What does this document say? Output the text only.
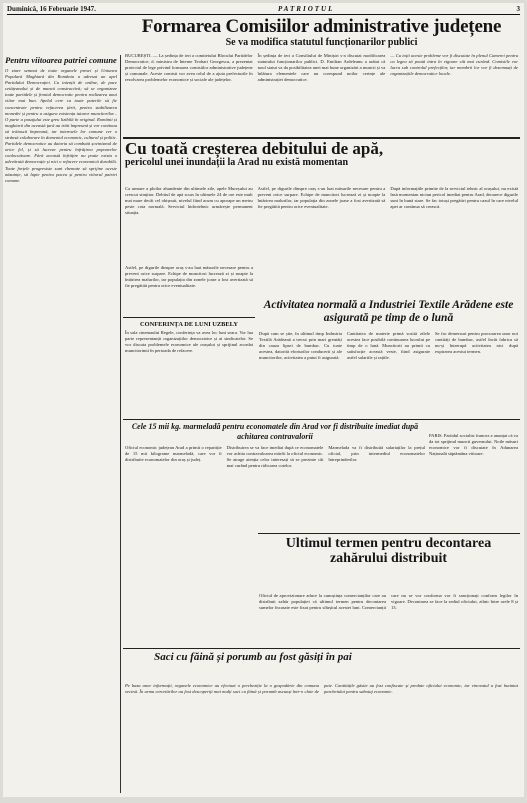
Duminică, 16 Februarie 1947.	PATRIOTUL	3

Pentru viitoarea patriei comune

O ziare semnat de toate organele presei și Uniunea Populară Maghiară din România a adresat un apel Partidului Democrației. Cu intenții de ordine, de pace cetățeanului și de muncă constructivă; să se organizeze toate partidele și frontul democratic pentru realizarea unui viitor mai bun. Apelul cere ca toate puterile să fie concentrate pentru refacerea țării, pentru stabilizarea monedei și pentru a asigura existența tuturor muncitorilor... O parte a pasajului este greu lizibilă în original. Românii și maghiarii din această țară au trăit împreună și vor continua să trăiască împreună, iar interesele lor comune cer o strânsă colaborare în domeniul economic, cultural și politic. Partidele democratice au datoria să combată șovinismul de orice fel, și să lucreze pentru înfrățirea popoarelor conlocuitoare. Fără această înfrățire nu poate exista o adevărată democrație și nici o refacere economică durabilă. Toate forțele progresiste sunt chemate să sprijine aceste năzuințe, să lupte pentru pacea și pentru viitorul patriei comune.

Formarea Comisiilor administrative județene

Se va modifica statutul funcționarilor publici

BUCUREȘTI. — La ședința de ieri a comitetului Blocului Partidelor Democratice, d. ministru de Interne Teohari Georgescu, a prezentat proiectul de lege privind formarea comisiilor administrative județene și comunale. Aceste comisii vor avea rolul de a ajuta prefecturile în rezolvarea problemelor economice și sociale ale județelor.

În ședința de ieri a Consiliului de Miniștri s-a discutat modificarea statutului funcționarilor publici. D. Emilian Ardeleanu a arătat că noul statut va da posibilitatea unei mai bune organizări a muncii și va înlătura elementele care nu corespund noilor cerințe ale administrației democratice.

— Cu toții aceste probleme vor fi discutate în plenul Camerei pentru ca legea să poată intra în vigoare cât mai curând. Comisiile vor lucra sub controlul prefecților, iar membrii lor vor fi desemnați de organizațiile democratice locale.

Cu toată creșterea debitului de apă,

pericolul unei inundații la Arad nu există momentan

Ca urmare a ploilor abundente din ultimele zile, apele Mureșului au crescut simțitor. Debitul de apă scurs în ultimele 24 de ore este mult mai mare decât cel obișnuit, nivelul fiind acum cu aproape un metru peste cota normală. Serviciul hidrotehnic urmărește permanent situația.

Astfel, pe digurile dinspre oraș s-au luat măsurile necesare pentru a preveni orice surpare. Echipe de muncitori lucrează zi și noapte la întărirea malurilor, iar populația din zonele joase a fost avertizată să fie pregătită pentru orice eventualitate.

După informațiile primite de la serviciul tehnic al orașului, nu există însă momentan niciun pericol imediat pentru Arad, deoarece digurile sunt în bună stare. Se fac totuși pregătiri pentru cazul în care nivelul apei ar continua să crească.

Astfel, pe digurile dinspre oraș s-au luat măsurile necesare pentru a preveni orice surpare. Echipe de muncitori lucrează zi și noapte la întărirea malurilor, iar populația din zonele joase a fost avertizată să fie pregătită pentru orice eventualitate.

CONFERINȚA DE LUNI UZBELY

În sala cinemaului Regele, conferința va avea loc luni seara. Vor lua parte reprezentanții organizațiilor democratice și ai sindicatelor. Se vor discuta problemele economice ale orașului și sprijinul acordat muncitorimii în perioada de refacere.

Activitatea normală a Industriei Textile Arădene este asigurată pe timp de o lună

După cum se știe, în ultimul timp Industria Textilă Arădeană a trecut prin mari greutăți din cauza lipsei de bumbac. Cu toate acestea, datorită eforturilor conducerii și ale muncitorilor, activitatea a putut fi asigurată.

Cantitatea de materie primă sosită zilele acestea face posibilă continuarea lucrului pe timp de o lună. Muncitorii au primit cu satisfacție această veste, fiind asigurate astfel salariile și rațiile.

Se fac demersuri pentru procurarea unor noi cantități de bumbac, astfel încât fabrica să nu-și întrerupă activitatea nici după expirarea acestui termen.

Cele 15 mii kg. marmeladă pentru economatele din Arad vor fi distribuite imediat după achitarea contravalorii

Oficiul economic județean Arad a primit o repartiție de 15 mii kilograme marmeladă, care vor fi distribuite economatelor din oraș și județ.

Distribuirea se va face imediat după ce economatele vor achita contravaloarea mărfii la oficiul economic. Se atrage atenția celor interesați să se prezinte cât mai curând pentru ridicarea cotelor.

Marmelada va fi distribuită salariaților la prețul oficial, prin intermediul economatelor întreprinderilor.

PARIS. Partidul socialist francez a anunțat că va da tot sprijinul muncii guvernului. Noile măsuri economice vor fi discutate în Adunarea Națională săptămâna viitoare.

Ultimul termen pentru decontarea zahărului distribuit

Oficiul de aprovizionare aduce la cunoștința comercianților care au distribuit zahăr populației că ultimul termen pentru decontarea sumelor încasate este fixat pentru sfârșitul acestei luni. Comercianții care nu se vor conforma vor fi sancționați conform legilor în vigoare. Decontarea se face la sediul oficiului, zilnic între orele 8 și 13.

Saci cu făină și porumb au fost găsiți în pai

Pe baza unor informații, organele economice au efectuat o percheziție la o gospodărie din comuna vecină. În urma cercetărilor au fost descoperiți mai mulți saci cu făină și porumb ascunși într-o claie de paie. Cantitățile găsite au fost confiscate și predate oficiului economic, iar vinovatul a fost înaintat parchetului pentru sabotaj economic.
